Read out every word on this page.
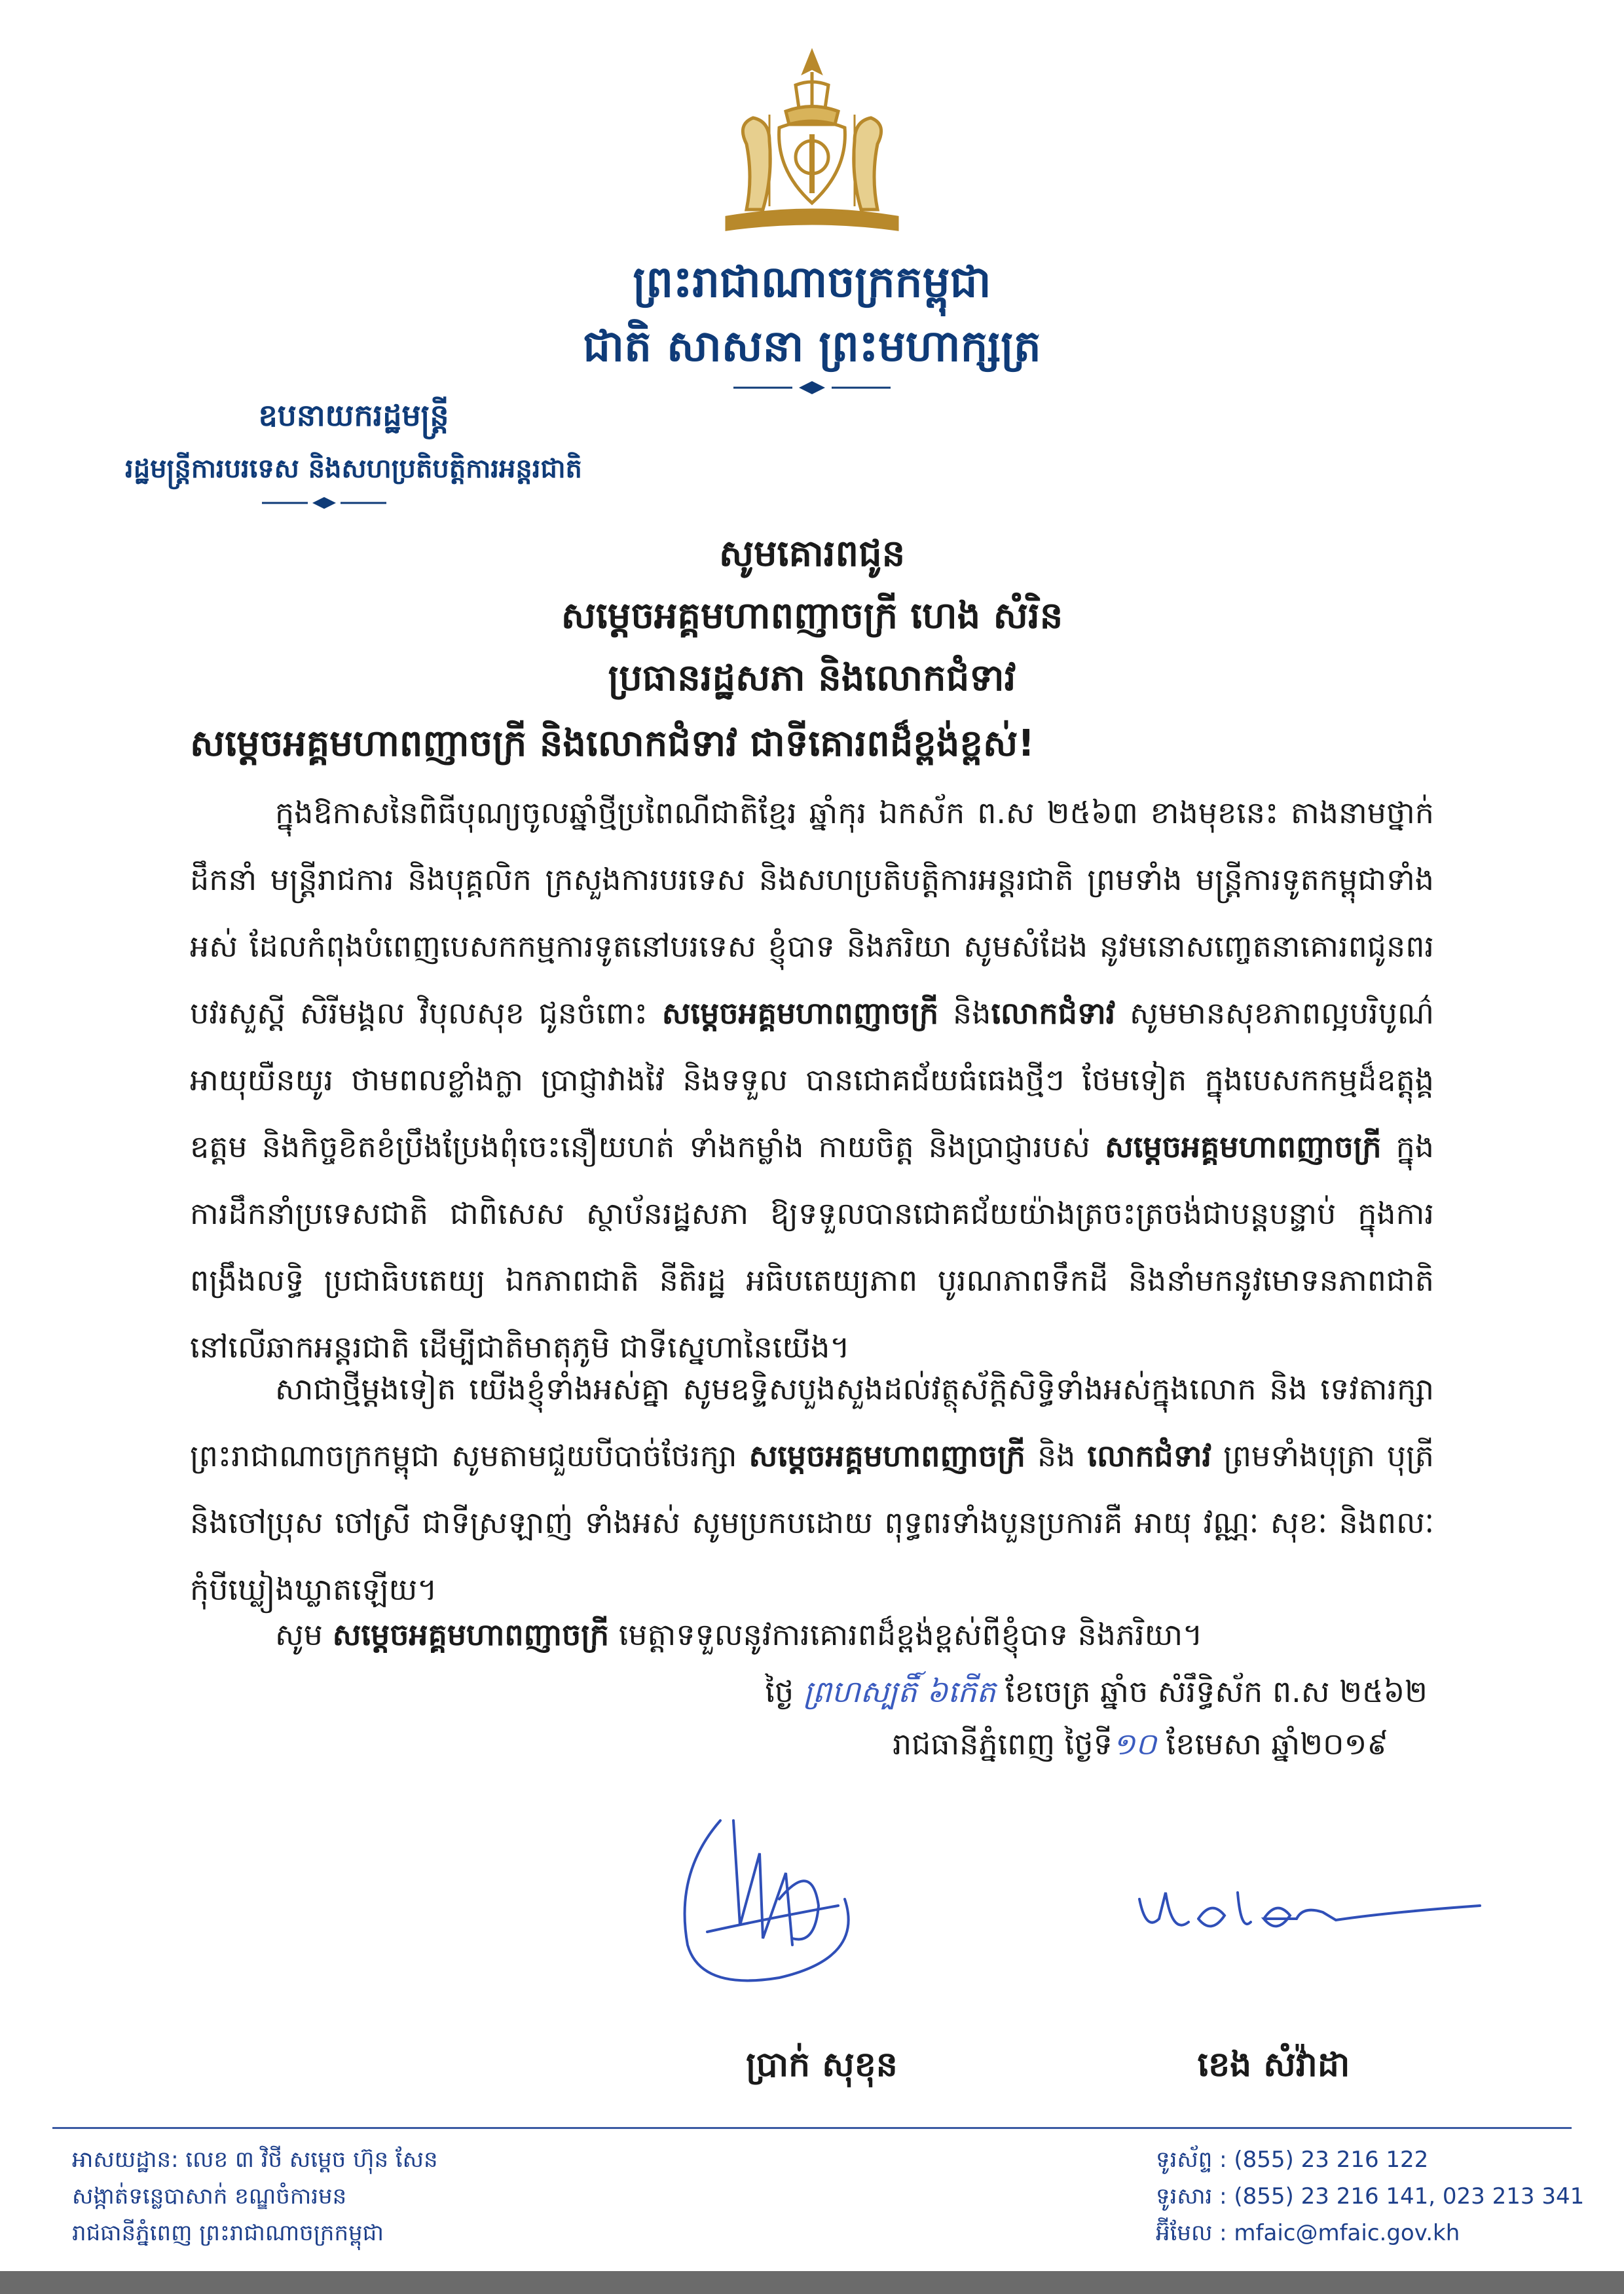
ព្រះរាជាណាចក្រកម្ពុជា
ជាតិ សាសនា ព្រះមហាក្សត្រ
ឧបនាយករដ្ឋមន្ត្រី
រដ្ឋមន្ត្រីការបរទេស និងសហប្រតិបត្តិការអន្តរជាតិ
សូមគោរពជូន
សម្តេចអគ្គមហាពញាចក្រី ហេង សំរិន
ប្រធានរដ្ឋសភា និងលោកជំទាវ
សម្តេចអគ្គមហាពញាចក្រី និងលោកជំទាវ ជាទីគោរពដ៏ខ្ពង់ខ្ពស់!
ក្នុងឱកាសនៃពិធីបុណ្យចូលឆ្នាំថ្មីប្រពៃណីជាតិខ្មែរ ឆ្នាំកុរ ឯកស័ក ព.ស ២៥៦៣ ខាងមុខនេះ តាងនាមថ្នាក់ដឹកនាំ មន្ត្រីរាជការ និងបុគ្គលិក ក្រសួងការបរទេស និងសហប្រតិបត្តិការអន្តរជាតិ ព្រមទាំង មន្ត្រីការទូតកម្ពុជាទាំងអស់ ដែលកំពុងបំពេញបេសកកម្មការទូតនៅបរទេស ខ្ញុំបាទ និងភរិយា សូមសំដែង នូវមនោសញ្ចេតនាគោរពជូនពរ បវរសួស្តី សិរីមង្គល វិបុលសុខ ជូនចំពោះ សម្តេចអគ្គមហាពញាចក្រី និងលោកជំទាវ សូមមានសុខភាពល្អបរិបូណ៌ អាយុយឺនយូរ ថាមពលខ្លាំងក្លា ប្រាជ្ញាវាងវៃ និងទទួល បានជោគជ័យធំធេងថ្មីៗ ថែមទៀត ក្នុងបេសកកម្មដ៏ឧត្តុង្គឧត្តម និងកិច្ចខិតខំប្រឹងប្រែងពុំចេះនឿយហត់ ទាំងកម្លាំង កាយចិត្ត និងប្រាជ្ញារបស់ សម្តេចអគ្គមហាពញាចក្រី ក្នុងការដឹកនាំប្រទេសជាតិ ជាពិសេស ស្ថាប័នរដ្ឋសភា ឱ្យទទួលបានជោគជ័យយ៉ាងត្រចះត្រចង់ជាបន្តបន្ទាប់ ក្នុងការពង្រឹងលទ្ធិ ប្រជាធិបតេយ្យ ឯកភាពជាតិ នីតិរដ្ឋ អធិបតេយ្យភាព បូរណភាពទឹកដី និងនាំមកនូវមោទនភាពជាតិ នៅលើឆាកអន្តរជាតិ ដើម្បីជាតិមាតុភូមិ ជាទីស្នេហានៃយើង។
សាជាថ្មីម្តងទៀត យើងខ្ញុំទាំងអស់គ្នា សូមឧទ្ទិសបួងសួងដល់វត្ថុស័ក្តិសិទ្ធិទាំងអស់ក្នុងលោក និង ទេវតារក្សាព្រះរាជាណាចក្រកម្ពុជា សូមតាមជួយបីបាច់ថែរក្សា សម្តេចអគ្គមហាពញាចក្រី និង លោកជំទាវ ព្រមទាំងបុត្រា បុត្រី និងចៅប្រុស ចៅស្រី ជាទីស្រឡាញ់ ទាំងអស់ សូមប្រកបដោយ ពុទ្ធពរទាំងបួនប្រការគឺ អាយុ វណ្ណៈ សុខៈ និងពលៈ កុំបីឃ្លៀងឃ្លាតឡើយ។
សូម សម្តេចអគ្គមហាពញាចក្រី មេត្តាទទួលនូវការគោរពដ៏ខ្ពង់ខ្ពស់ពីខ្ញុំបាទ និងភរិយា។
ថ្ងៃ ព្រហស្បតិ៍ ៦កើត ខែចេត្រ ឆ្នាំច សំរឹទ្ធិស័ក ព.ស ២៥៦២
រាជធានីភ្នំពេញ ថ្ងៃទី១០ ខែមេសា ឆ្នាំ២០១៩
ប្រាក់ សុខុន	ខេង សំវ៉ាដា
អាសយដ្ឋាន: លេខ ៣ វិថី សម្តេច ហ៊ុន សែន
សង្កាត់ទន្លេបាសាក់ ខណ្ឌចំការមន
រាជធានីភ្នំពេញ ព្រះរាជាណាចក្រកម្ពុជា
ទូរស័ព្ទ : (855) 23 216 122
ទូរសារ : (855) 23 216 141, 023 213 341
អ៊ីមែល : mfaic@mfaic.gov.kh
